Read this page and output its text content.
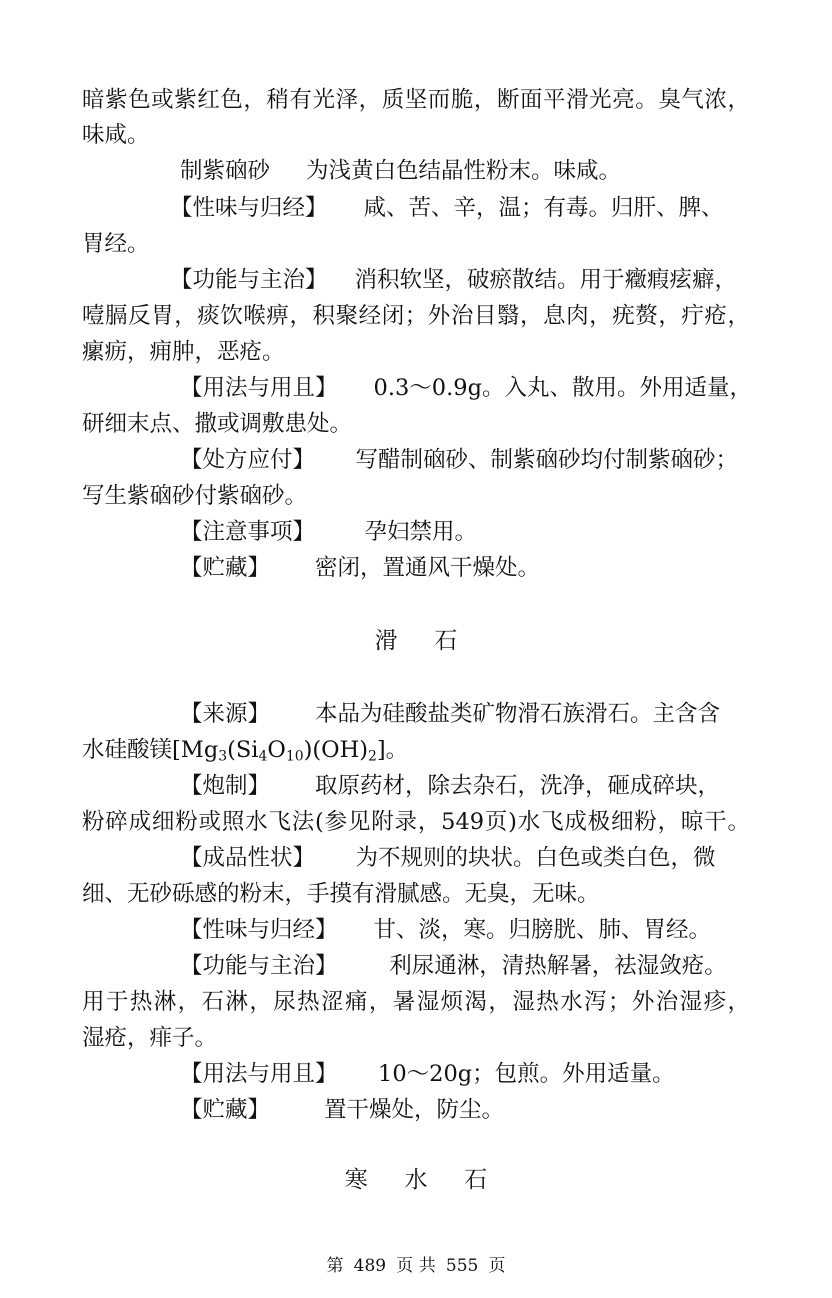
暗紫色或紫红色，稍有光泽，质坚而脆，断面平滑光亮。臭气浓，
味咸。
制紫硇砂 为浅黄白色结晶性粉末。味咸。
【性味与归经】 咸、苦、辛，温；有毒。归肝、脾、
胃经。
【功能与主治】 消积软坚，破瘀散结。用于癥瘕痃癖，
噎膈反胃，痰饮喉痹，积聚经闭；外治目翳，息肉，疣赘，疔疮，
瘰疬，痈肿，恶疮。
【用法与用且】 0.3～0.9g。入丸、散用。外用适量，
研细末点、撒或调敷患处。
【处方应付】 写醋制硇砂、制紫硇砂均付制紫硇砂；
写生紫硇砂付紫硇砂。
【注意事项】 孕妇禁用。
【贮藏】 密闭，置通风干燥处。
滑石
【来源】 本品为硅酸盐类矿物滑石族滑石。主含含
水硅酸镁$[Mg_3(Si_4O_{10})(OH)_2]$。
【炮制】 取原药材，除去杂石，洗净，砸成碎块，
粉碎成细粉或照水飞法(参见附录，549页)水飞成极细粉，晾干。
【成品性状】 为不规则的块状。白色或类白色，微
细、无砂砾感的粉末，手摸有滑腻感。无臭，无味。
【性味与归经】 甘、淡，寒。归膀胱、肺、胃经。
【功能与主治】 利尿通淋，清热解暑，祛湿敛疮。
用于热淋，石淋，尿热涩痛，暑湿烦渴，湿热水泻；外治湿疹，
湿疮，痱子。
【用法与用且】 10～20g；包煎。外用适量。
【贮藏】 置干燥处，防尘。
寒水石
第 489 页 共 555 页
